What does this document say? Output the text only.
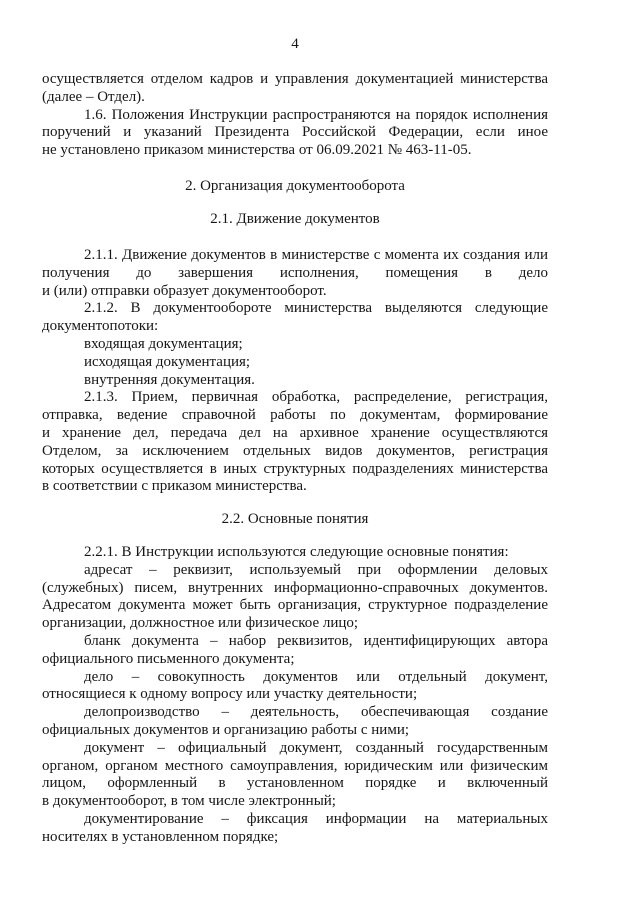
4
осуществляется отделом кадров и управления документацией министерства
(далее – Отдел).
1.6. Положения Инструкции распространяются на порядок исполнения
поручений и указаний Президента Российской Федерации, если иное
не установлено приказом министерства от 06.09.2021 № 463-11-05.
2. Организация документооборота
2.1. Движение документов
2.1.1. Движение документов в министерстве с момента их создания или
получения до завершения исполнения, помещения в дело
и (или) отправки образует документооборот.
2.1.2. В документообороте министерства выделяются следующие
документопотоки:
входящая документация;
исходящая документация;
внутренняя документация.
2.1.3. Прием, первичная обработка, распределение, регистрация,
отправка, ведение справочной работы по документам, формирование
и хранение дел, передача дел на архивное хранение осуществляются
Отделом, за исключением отдельных видов документов, регистрация
которых осуществляется в иных структурных подразделениях министерства
в соответствии с приказом министерства.
2.2. Основные понятия
2.2.1. В Инструкции используются следующие основные понятия:
адресат – реквизит, используемый при оформлении деловых
(служебных) писем, внутренних информационно-справочных документов.
Адресатом документа может быть организация, структурное подразделение
организации, должностное или физическое лицо;
бланк документа – набор реквизитов, идентифицирующих автора
официального письменного документа;
дело – совокупность документов или отдельный документ,
относящиеся к одному вопросу или участку деятельности;
делопроизводство – деятельность, обеспечивающая создание
официальных документов и организацию работы с ними;
документ – официальный документ, созданный государственным
органом, органом местного самоуправления, юридическим или физическим
лицом, оформленный в установленном порядке и включенный
в документооборот, в том числе электронный;
документирование – фиксация информации на материальных
носителях в установленном порядке;
